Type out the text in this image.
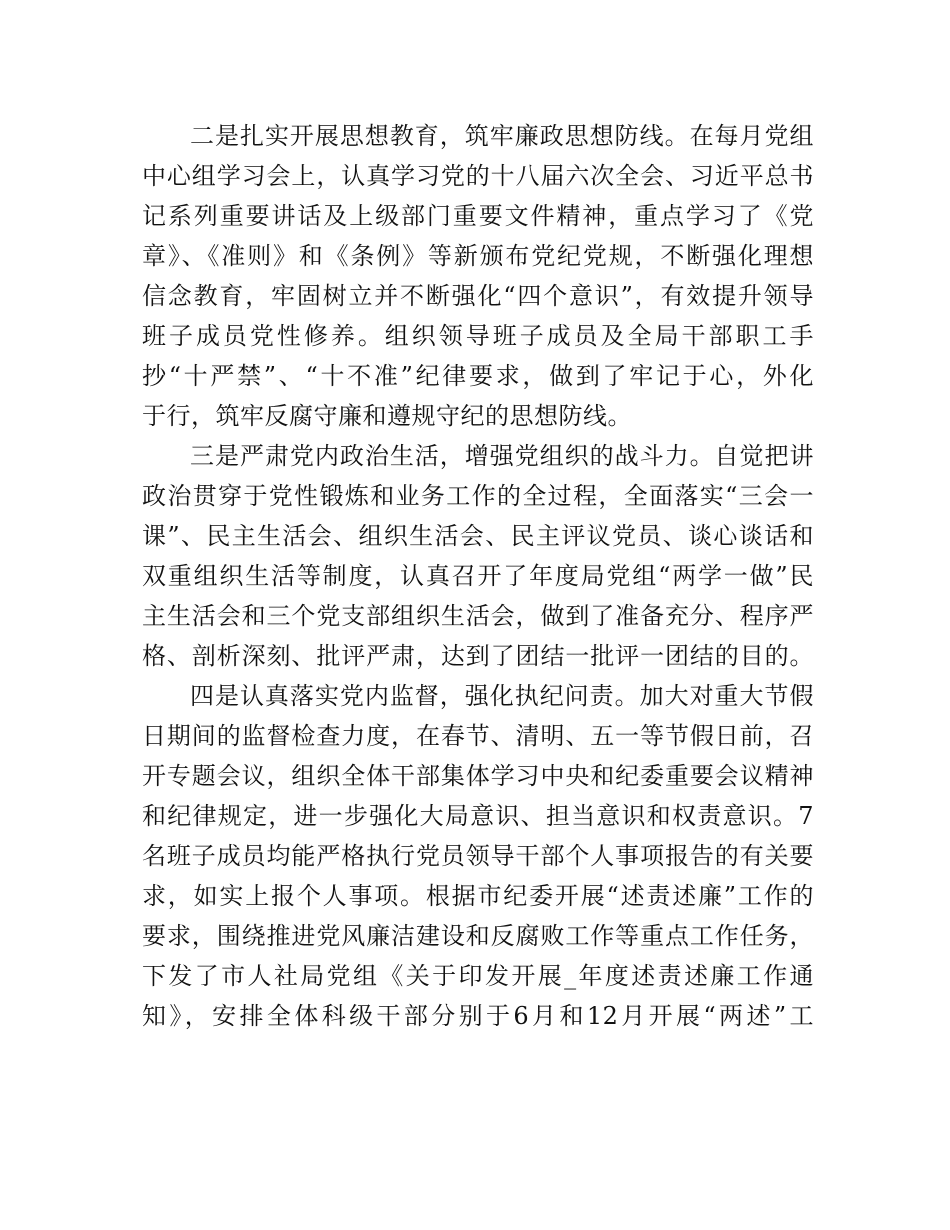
二是扎实开展思想教育，筑牢廉政思想防线。在每月党组
中心组学习会上，认真学习党的十八届六次全会、习近平总书
记系列重要讲话及上级部门重要文件精神，重点学习了《党
章》、《准则》和《条例》等新颁布党纪党规，不断强化理想
信念教育，牢固树立并不断强化“四个意识”，有效提升领导
班子成员党性修养。组织领导班子成员及全局干部职工手
抄“十严禁”、“十不准”纪律要求，做到了牢记于心，外化
于行，筑牢反腐守廉和遵规守纪的思想防线。
三是严肃党内政治生活，增强党组织的战斗力。自觉把讲
政治贯穿于党性锻炼和业务工作的全过程，全面落实“三会一
课”、民主生活会、组织生活会、民主评议党员、谈心谈话和
双重组织生活等制度，认真召开了年度局党组“两学一做”民
主生活会和三个党支部组织生活会，做到了准备充分、程序严
格、剖析深刻、批评严肃，达到了团结一批评一团结的目的。
四是认真落实党内监督，强化执纪问责。加大对重大节假
日期间的监督检查力度，在春节、清明、五一等节假日前，召
开专题会议，组织全体干部集体学习中央和纪委重要会议精神
和纪律规定，进一步强化大局意识、担当意识和权责意识。7
名班子成员均能严格执行党员领导干部个人事项报告的有关要
求，如实上报个人事项。根据市纪委开展“述责述廉”工作的
要求，围绕推进党风廉洁建设和反腐败工作等重点工作任务，
下发了市人社局党组《关于印发开展_年度述责述廉工作通
知》，安排全体科级干部分别于6月和12月开展“两述”工
